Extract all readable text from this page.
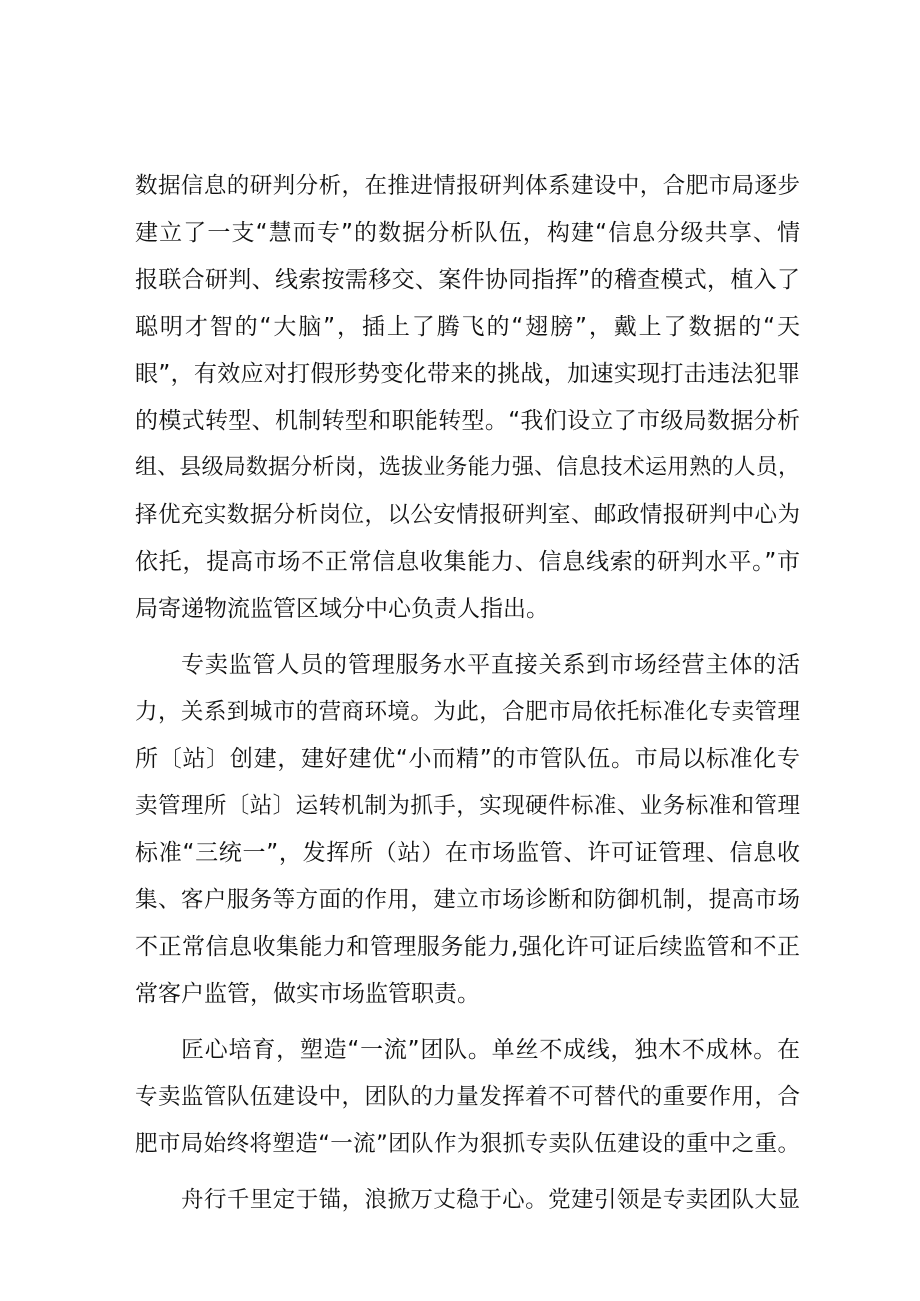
数据信息的研判分析，在推进情报研判体系建设中，合肥市局逐步
建立了一支“慧而专”的数据分析队伍，构建“信息分级共享、情
报联合研判、线索按需移交、案件协同指挥”的稽查模式，植入了
聪明才智的“大脑”，插上了腾飞的“翅膀”，戴上了数据的“天
眼”，有效应对打假形势变化带来的挑战，加速实现打击违法犯罪
的模式转型、机制转型和职能转型。“我们设立了市级局数据分析
组、县级局数据分析岗，选拔业务能力强、信息技术运用熟的人员，
择优充实数据分析岗位，以公安情报研判室、邮政情报研判中心为
依托，提高市场不正常信息收集能力、信息线索的研判水平。”市
局寄递物流监管区域分中心负责人指出。
专卖监管人员的管理服务水平直接关系到市场经营主体的活
力，关系到城市的营商环境。为此，合肥市局依托标准化专卖管理
所〔站〕创建，建好建优“小而精”的市管队伍。市局以标准化专
卖管理所〔站〕运转机制为抓手，实现硬件标准、业务标准和管理
标准“三统一”，发挥所（站）在市场监管、许可证管理、信息收
集、客户服务等方面的作用，建立市场诊断和防御机制，提高市场
不正常信息收集能力和管理服务能力,强化许可证后续监管和不正
常客户监管，做实市场监管职责。
匠心培育，塑造“一流”团队。单丝不成线，独木不成林。在
专卖监管队伍建设中，团队的力量发挥着不可替代的重要作用，合
肥市局始终将塑造“一流”团队作为狠抓专卖队伍建设的重中之重。
舟行千里定于锚，浪掀万丈稳于心。党建引领是专卖团队大显
